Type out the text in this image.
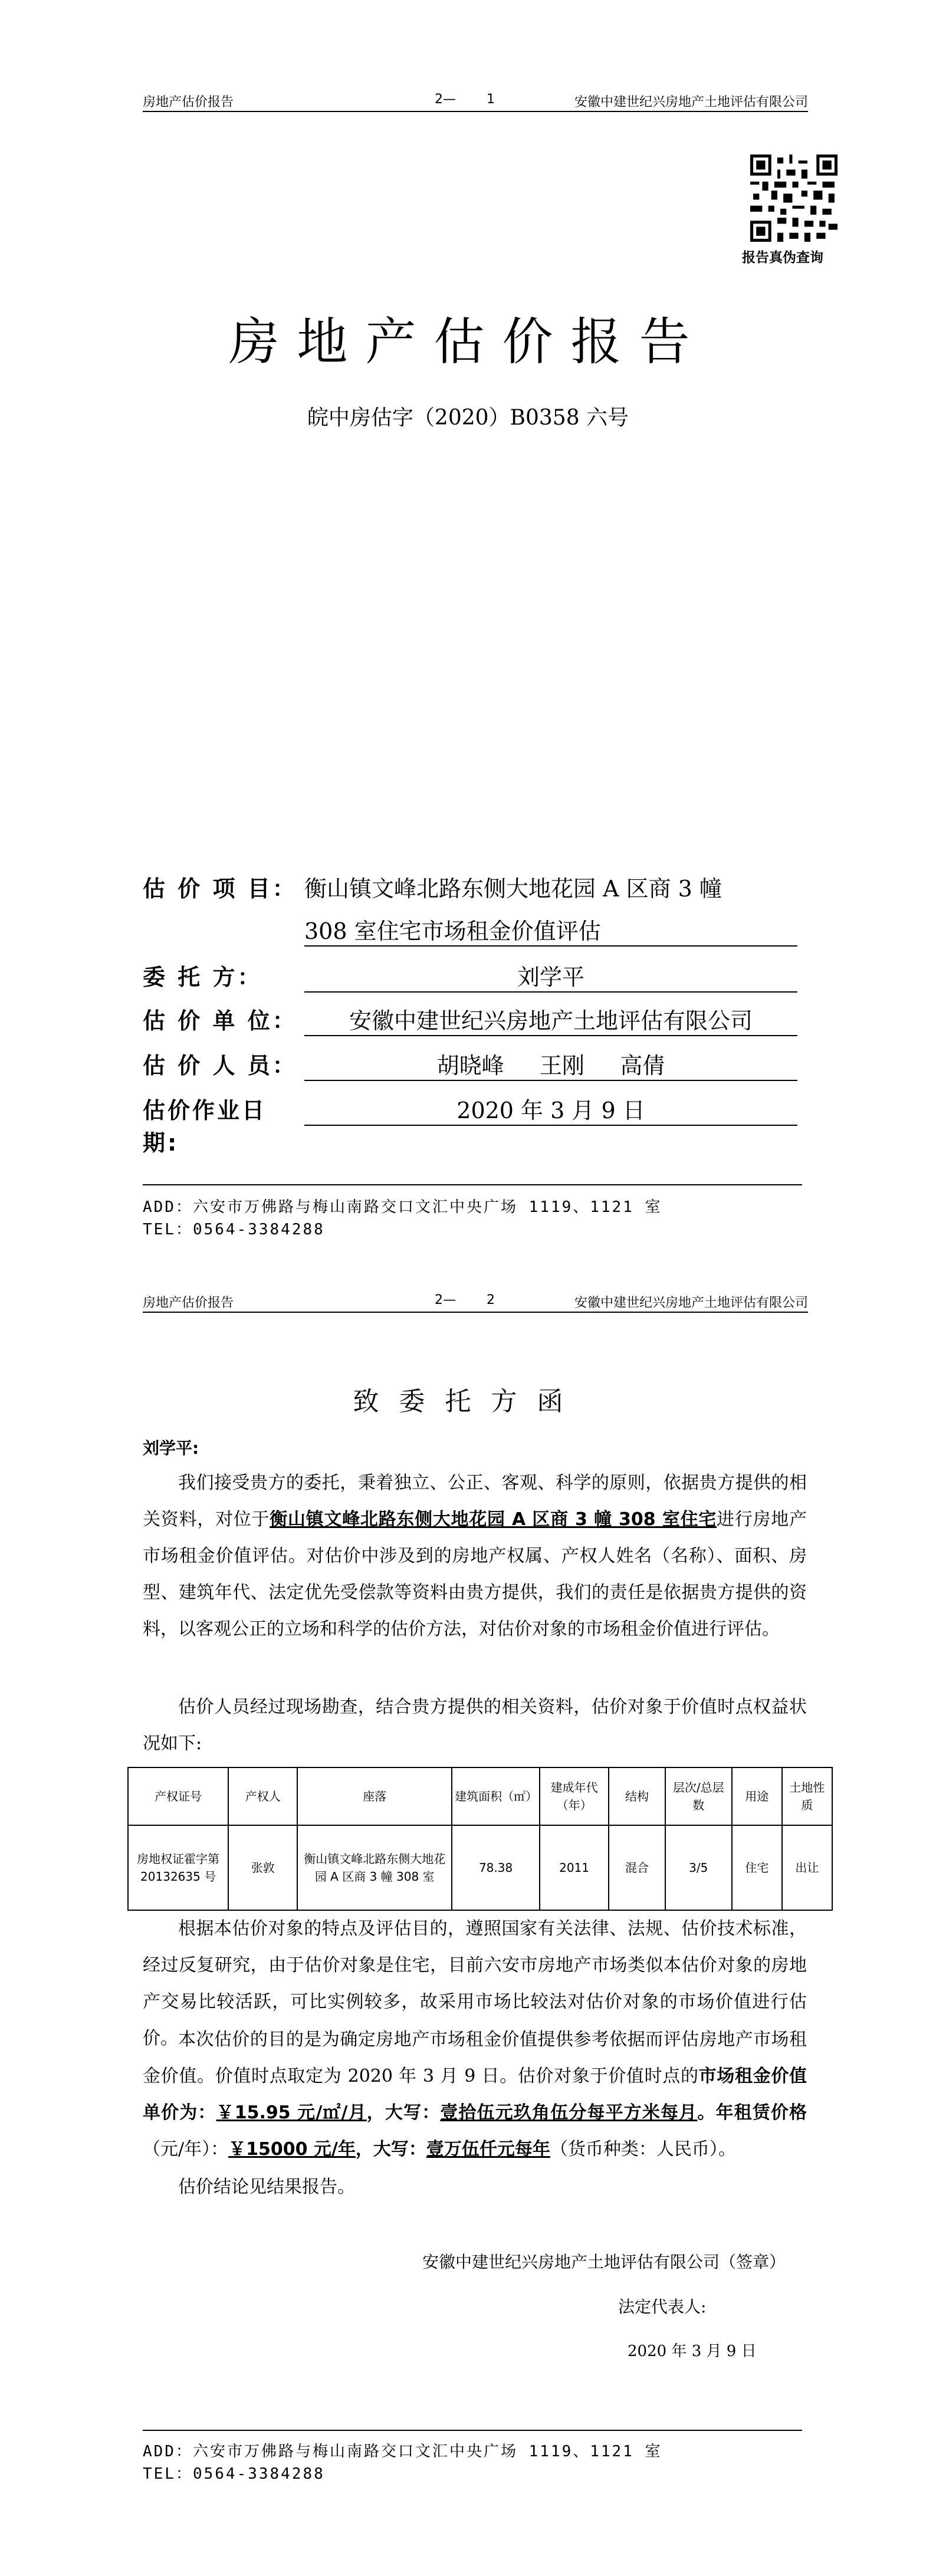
房地产估价报告	2— 1	安徽中建世纪兴房地产土地评估有限公司
报告真伪查询
房地产估价报告
皖中房估字（2020）B0358 六号
估 价 项 目： 衡山镇文峰北路东侧大地花园 A 区商 3 幢
308 室住宅市场租金价值评估
委 托 方：	刘学平
估 价 单 位：	安徽中建世纪兴房地产土地评估有限公司
估 价 人 员：	胡晓峰     王刚     高倩
估价作业日期:
2020 年 3 月 9 日
ADD：六安市万佛路与梅山南路交口文汇中央广场 1119、1121 室
TEL：0564-3384288
房地产估价报告	2— 2	安徽中建世纪兴房地产土地评估有限公司
致委托方函
刘学平:
我们接受贵方的委托，秉着独立、公正、客观、科学的原则，依据贵方提供的相关资料，对位于衡山镇文峰北路东侧大地花园 A 区商 3 幢 308 室住宅进行房地产市场租金价值评估。对估价中涉及到的房地产权属、产权人姓名（名称）、面积、房型、建筑年代、法定优先受偿款等资料由贵方提供，我们的责任是依据贵方提供的资料，以客观公正的立场和科学的估价方法，对估价对象的市场租金价值进行评估。
估价人员经过现场勘查，结合贵方提供的相关资料，估价对象于价值时点权益状况如下:
产权证号	产权人	座落	建筑面积（㎡）	建成年代（年）	结构	层次/总层数	用途	土地性质
房地权证霍字第 20132635 号	张敦	衡山镇文峰北路东侧大地花园 A 区商 3 幢 308 室	78.38	2011	混合	3/5	住宅	出让
根据本估价对象的特点及评估目的，遵照国家有关法律、法规、估价技术标准，经过反复研究，由于估价对象是住宅，目前六安市房地产市场类似本估价对象的房地产交易比较活跃，可比实例较多，故采用市场比较法对估价对象的市场价值进行估价。 本次估价的目的是为确定房地产市场租金价值提供参考依据而评估房地产市场租金价值。价值时点取定为 2020 年 3 月 9 日。估价对象于价值时点的市场租金价值单价为：￥15.95 元/㎡/月，大写：壹拾伍元玖角伍分每平方米每月。年租赁价格（元/年）：￥15000 元/年，大写：壹万伍仟元每年（货币种类：人民币）。
估价结论见结果报告。
安徽中建世纪兴房地产土地评估有限公司（签章）
法定代表人:
2020 年 3 月 9 日
ADD：六安市万佛路与梅山南路交口文汇中央广场 1119、1121 室
TEL：0564-3384288
